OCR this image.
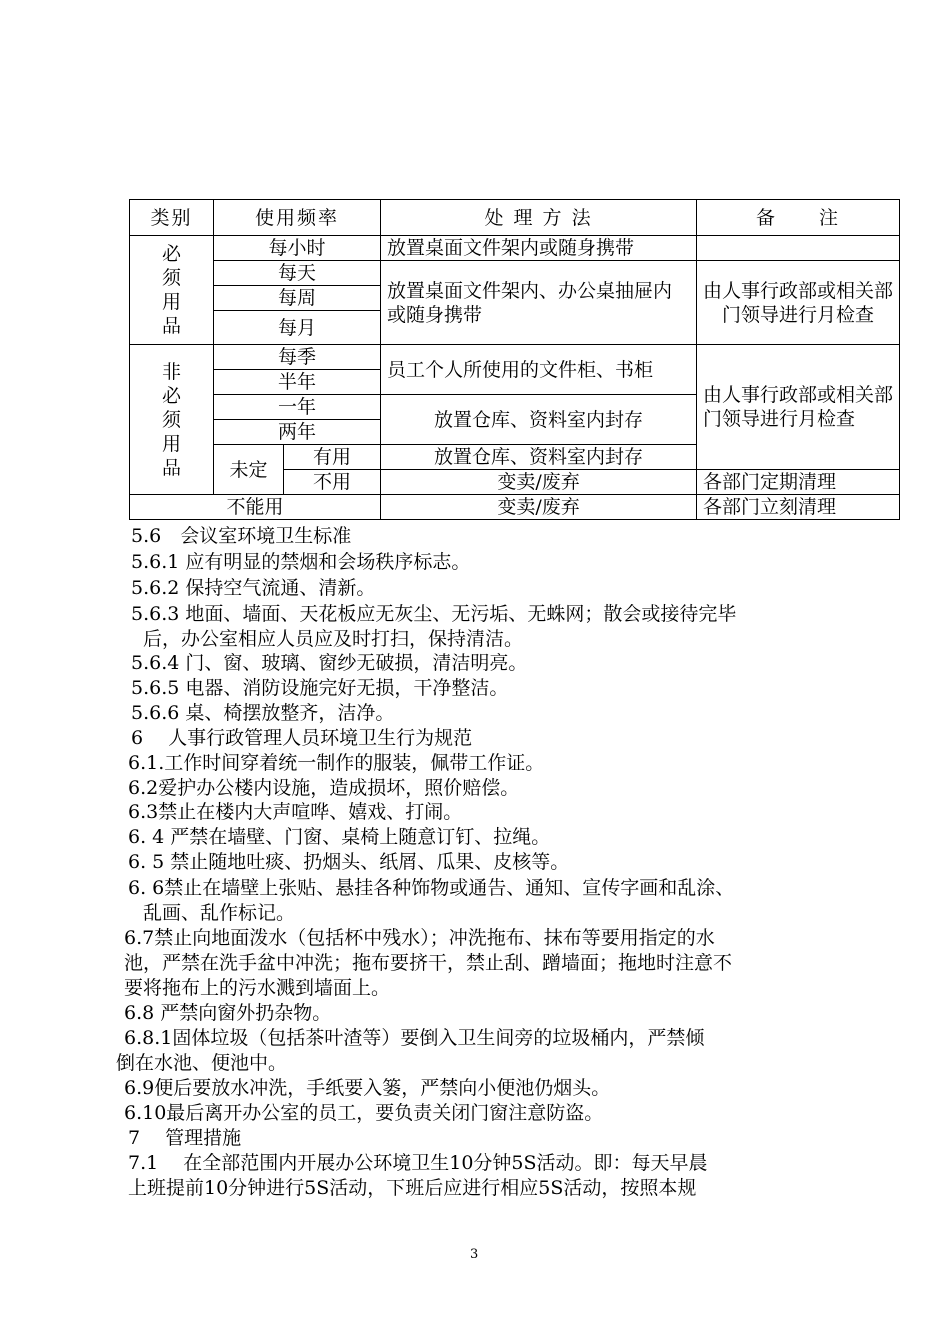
类别	使用频率		处 理 方 法	备　　注
必
须
用
品	每小时		放置桌面文件架内或随身携带	
	每天		放置桌面文件架内、办公桌抽屉内或随身携带	由人事行政部或相关部门领导进行月检查
	每周			
	每月			
非
必
须
用
品	每季		员工个人所使用的文件柜、书柜	由人事行政部或相关部门领导进行月检查
	半年			
	一年		放置仓库、资料室内封存	
	两年			
	未定	有用	放置仓库、资料室内封存	
		不用	变卖/废弃	各部门定期清理
不能用			变卖/废弃	各部门立刻清理
5.6　会议室环境卫生标准
5.6.1 应有明显的禁烟和会场秩序标志。
5.6.2 保持空气流通、清新。
5.6.3 地面、墙面、天花板应无灰尘、无污垢、无蛛网；散会或接待完毕
后，办公室相应人员应及时打扫，保持清洁。
5.6.4 门、窗、玻璃、窗纱无破损，清洁明亮。
5.6.5 电器、消防设施完好无损，干净整洁。
5.6.6 桌、椅摆放整齐，洁净。
6　 人事行政管理人员环境卫生行为规范
6.1.工作时间穿着统一制作的服装，佩带工作证。
6.2爱护办公楼内设施，造成损坏，照价赔偿。
6.3禁止在楼内大声喧哗、嬉戏、打闹。
6. 4 严禁在墙壁、门窗、桌椅上随意订钉、拉绳。
6. 5 禁止随地吐痰、扔烟头、纸屑、瓜果、皮核等。
6. 6禁止在墙壁上张贴、悬挂各种饰物或通告、通知、宣传字画和乱涂、
乱画、乱作标记。
6.7禁止向地面泼水（包括杯中残水）；冲洗拖布、抹布等要用指定的水
池，严禁在洗手盆中冲洗；拖布要挤干，禁止刮、蹭墙面；拖地时注意不
要将拖布上的污水溅到墙面上。
6.8 严禁向窗外扔杂物。
6.8.1固体垃圾（包括茶叶渣等）要倒入卫生间旁的垃圾桶内，严禁倾
倒在水池、便池中。
6.9便后要放水冲洗，手纸要入篓，严禁向小便池仍烟头。
6.10最后离开办公室的员工，要负责关闭门窗注意防盗。
7　 管理措施
7.1　 在全部范围内开展办公环境卫生10分钟5S活动。即：每天早晨
上班提前10分钟进行5S活动，下班后应进行相应5S活动，按照本规
3
